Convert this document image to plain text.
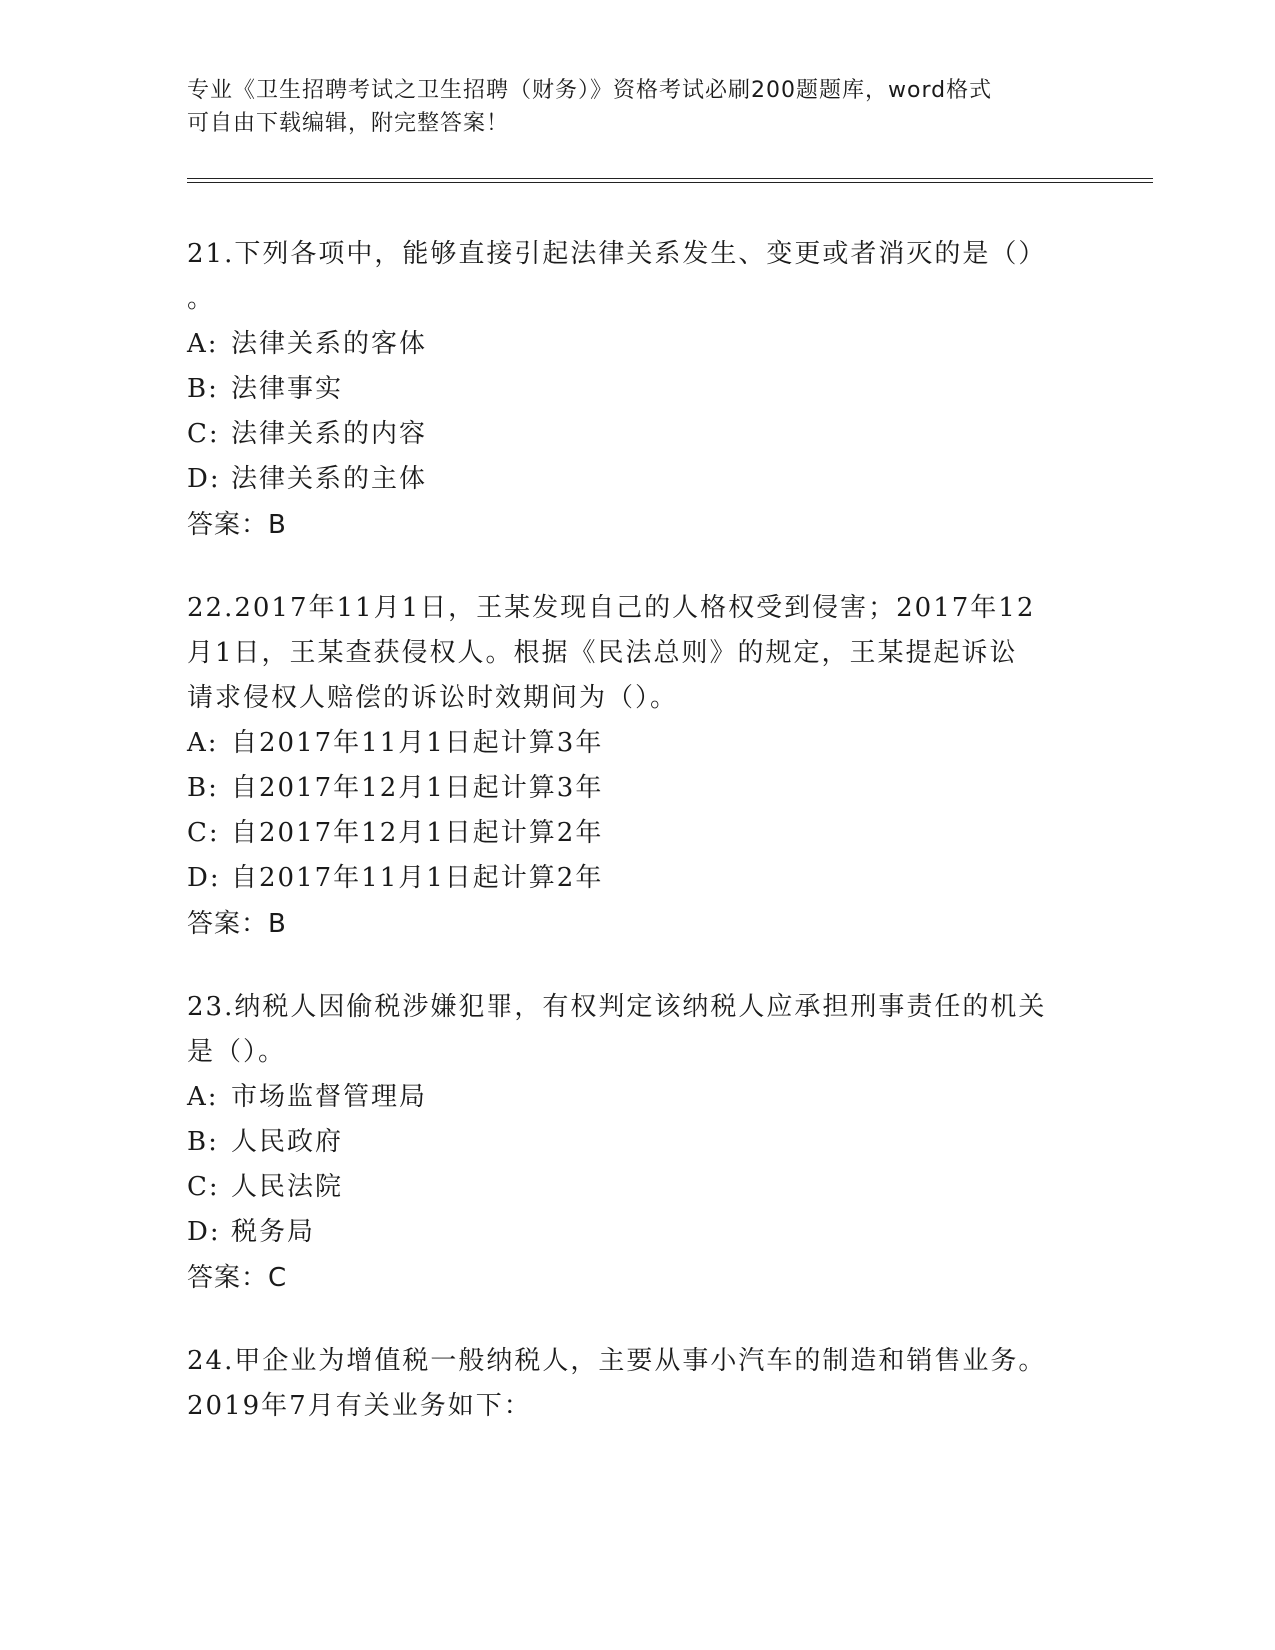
专业《卫生招聘考试之卫生招聘（财务）》资格考试必刷200题题库，word格式
可自由下载编辑，附完整答案！
21.下列各项中，能够直接引起法律关系发生、变更或者消灭的是（）
。
A: 法律关系的客体
B: 法律事实
C: 法律关系的内容
D: 法律关系的主体
答案：B
22.2017年11月1日，王某发现自己的人格权受到侵害；2017年12
月1日，王某查获侵权人。根据《民法总则》的规定，王某提起诉讼
请求侵权人赔偿的诉讼时效期间为（）。
A: 自2017年11月1日起计算3年
B: 自2017年12月1日起计算3年
C: 自2017年12月1日起计算2年
D: 自2017年11月1日起计算2年
答案：B
23.纳税人因偷税涉嫌犯罪，有权判定该纳税人应承担刑事责任的机关
是（）。
A: 市场监督管理局
B: 人民政府
C: 人民法院
D: 税务局
答案：C
24.甲企业为增值税一般纳税人，主要从事小汽车的制造和销售业务。
2019年7月有关业务如下：
